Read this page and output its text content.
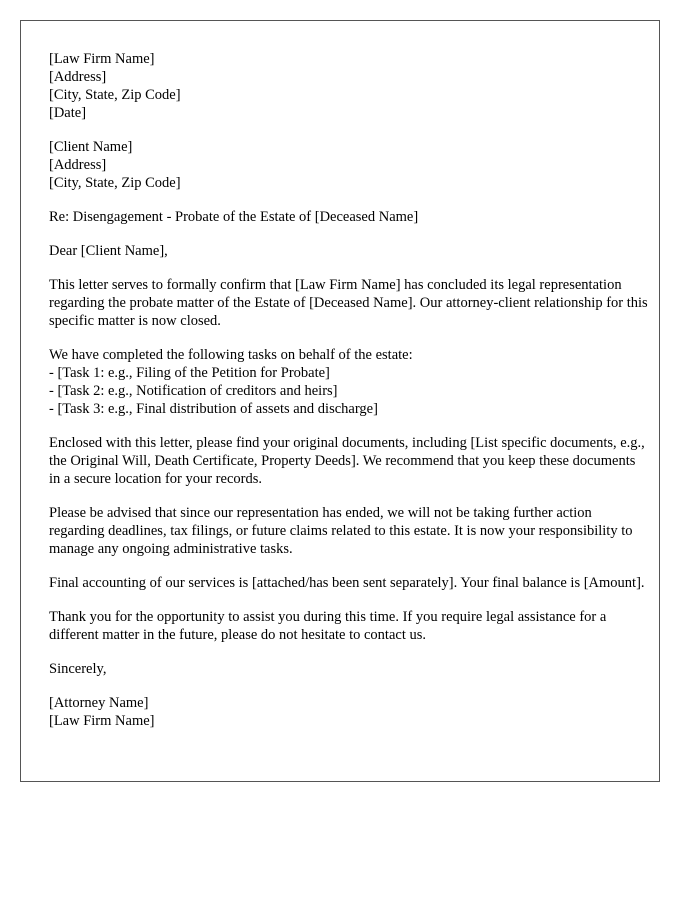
[Law Firm Name]
[Address]
[City, State, Zip Code]
[Date]
[Client Name]
[Address]
[City, State, Zip Code]
Re: Disengagement - Probate of the Estate of [Deceased Name]
Dear [Client Name],
This letter serves to formally confirm that [Law Firm Name] has concluded its legal representation regarding the probate matter of the Estate of [Deceased Name]. Our attorney-client relationship for this specific matter is now closed.
We have completed the following tasks on behalf of the estate:
- [Task 1: e.g., Filing of the Petition for Probate]
- [Task 2: e.g., Notification of creditors and heirs]
- [Task 3: e.g., Final distribution of assets and discharge]
Enclosed with this letter, please find your original documents, including [List specific documents, e.g., the Original Will, Death Certificate, Property Deeds]. We recommend that you keep these documents in a secure location for your records.
Please be advised that since our representation has ended, we will not be taking further action regarding deadlines, tax filings, or future claims related to this estate. It is now your responsibility to manage any ongoing administrative tasks.
Final accounting of our services is [attached/has been sent separately]. Your final balance is [Amount].
Thank you for the opportunity to assist you during this time. If you require legal assistance for a different matter in the future, please do not hesitate to contact us.
Sincerely,
[Attorney Name]
[Law Firm Name]
